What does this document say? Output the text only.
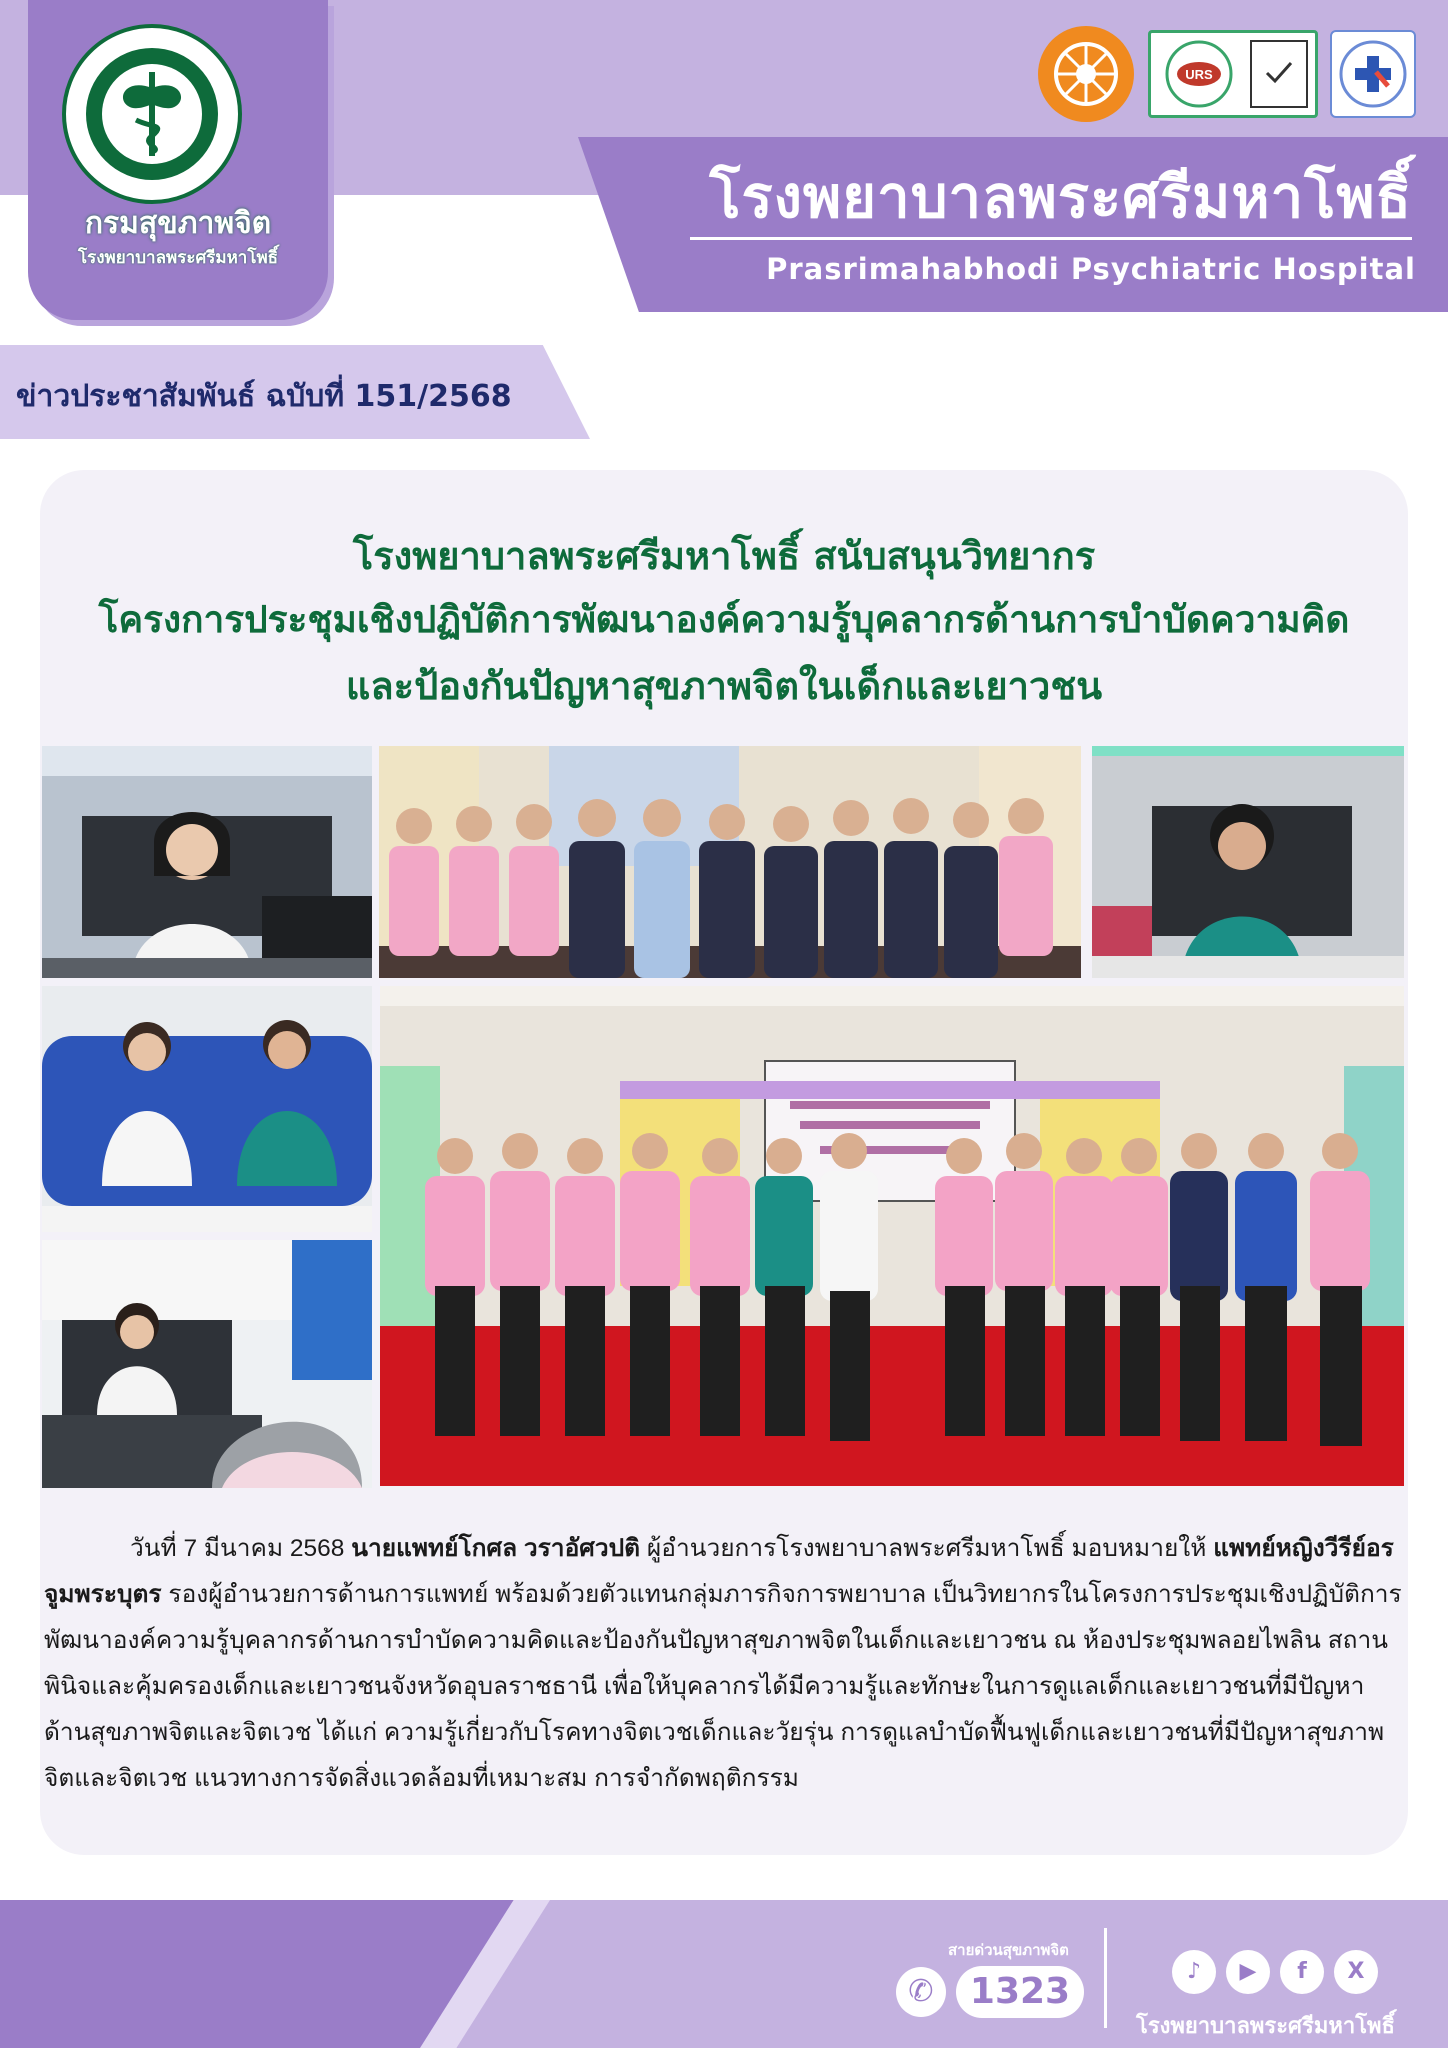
โรงพยาบาลพระศรีมหาโพธิ์
Prasrimahabhodi Psychiatric Hospital
กรมสุขภาพจิต
โรงพยาบาลพระศรีมหาโพธิ์
URS
ข่าวประชาสัมพันธ์ ฉบับที่ 151/2568
โรงพยาบาลพระศรีมหาโพธิ์ สนับสนุนวิทยากร
โครงการประชุมเชิงปฏิบัติการพัฒนาองค์ความรู้บุคลากรด้านการบำบัดความคิด
และป้องกันปัญหาสุขภาพจิตในเด็กและเยาวชน
วันที่ 7 มีนาคม 2568 นายแพทย์โกศล วราอัศวปติ ผู้อำนวยการโรงพยาบาลพระศรีมหาโพธิ์ มอบหมายให้ แพทย์หญิงวีรีย์อร จูมพระบุตร รองผู้อำนวยการด้านการแพทย์ พร้อมด้วยตัวแทนกลุ่มภารกิจการพยาบาล เป็นวิทยากรในโครงการประชุมเชิงปฏิบัติการพัฒนาองค์ความรู้บุคลากรด้านการบำบัดความคิดและป้องกันปัญหาสุขภาพจิตในเด็กและเยาวชน ณ ห้องประชุมพลอยไพลิน สถานพินิจและคุ้มครองเด็กและเยาวชนจังหวัดอุบลราชธานี เพื่อให้บุคลากรได้มีความรู้และทักษะในการดูแลเด็กและเยาวชนที่มีปัญหาด้านสุขภาพจิตและจิตเวช ได้แก่ ความรู้เกี่ยวกับโรคทางจิตเวชเด็กและวัยรุ่น การดูแลบำบัดฟื้นฟูเด็กและเยาวชนที่มีปัญหาสุขภาพจิตและจิตเวช แนวทางการจัดสิ่งแวดล้อมที่เหมาะสม การจำกัดพฤติกรรม
สายด่วนสุขภาพจิต
✆	1323	♪	▶	f	X
โรงพยาบาลพระศรีมหาโพธิ์
